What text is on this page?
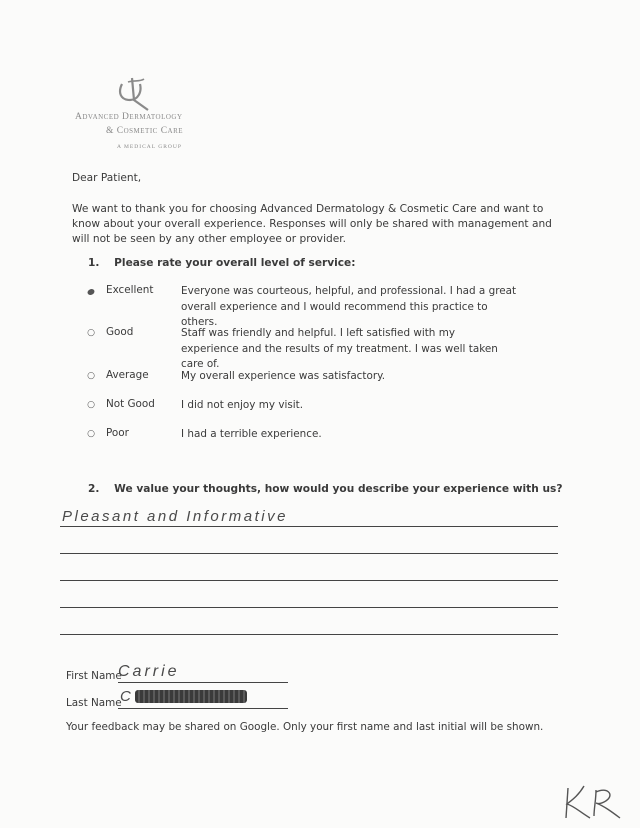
Advanced Dermatology
& Cosmetic Care
A MEDICAL GROUP
Dear Patient,
We want to thank you for choosing Advanced Dermatology & Cosmetic Care and want to know about your overall experience. Responses will only be shared with management and will not be seen by any other employee or provider.
1. Please rate your overall level of service:
Excellent	Everyone was courteous, helpful, and professional. I had a great overall experience and I would recommend this practice to others.
○ Good	Staff was friendly and helpful. I left satisfied with my experience and the results of my treatment. I was well taken care of.
○ Average	My overall experience was satisfactory.
○ Not Good	I did not enjoy my visit.
○ Poor	I had a terrible experience.
2. We value your thoughts, how would you describe your experience with us?
Pleasant and Informative
First Name
Carrie
Last Name
C
Your feedback may be shared on Google. Only your first name and last initial will be shown.
